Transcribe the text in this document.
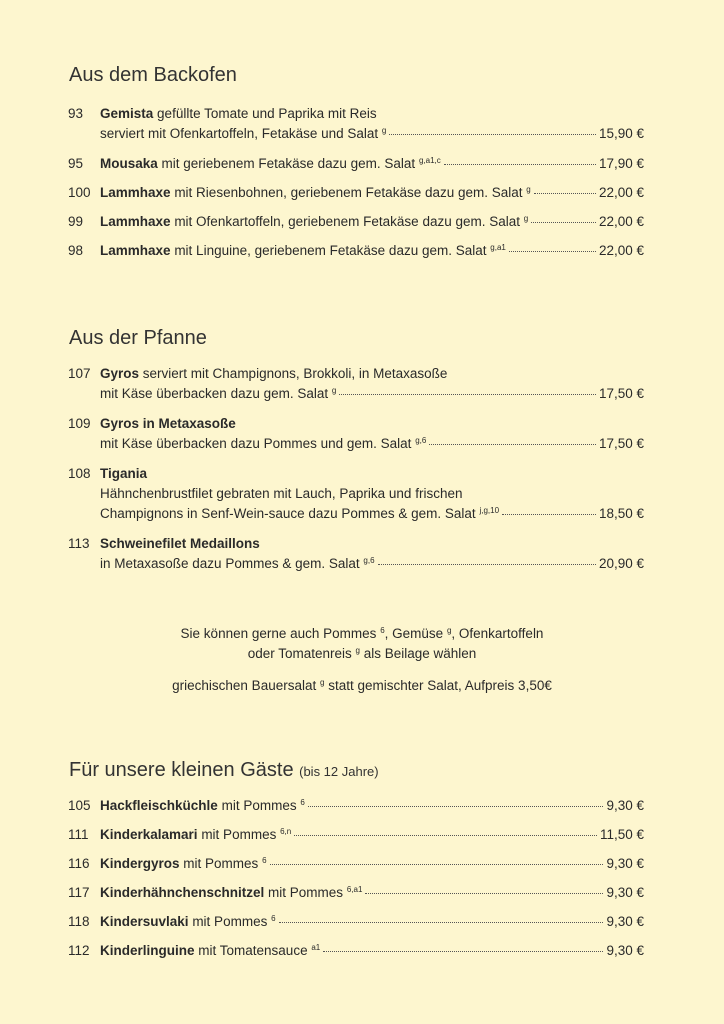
Aus dem Backofen
93	Gemista gefüllte Tomate und Paprika mit Reis
serviert mit Ofenkartoffeln, Fetakäse und Salat $^g$	15,90 €
95	Mousaka mit geriebenem Fetakäse dazu gem. Salat $^{g,a1,c}$	17,90 €
100 Lammhaxe mit Riesenbohnen, geriebenem Fetakäse dazu gem. Salat $^g$	22,00 €
99	Lammhaxe mit Ofenkartoffeln, geriebenem Fetakäse dazu gem. Salat $^g$	22,00 €
98	Lammhaxe mit Linguine, geriebenem Fetakäse dazu gem. Salat $^{g,a1}$	22,00 €
Aus der Pfanne
107 Gyros serviert mit Champignons, Brokkoli, in Metaxasoße
mit Käse überbacken dazu gem. Salat $^g$	17,50 €
109 Gyros in Metaxasoße
mit Käse überbacken dazu Pommes und gem. Salat $^{g,6}$	17,50 €
108 Tigania
Hähnchenbrustfilet gebraten mit Lauch, Paprika und frischen
Champignons in Senf-Wein-sauce dazu Pommes & gem. Salat $^{j,g,10}$	18,50 €
113 Schweinefilet Medaillons
in Metaxasoße dazu Pommes & gem. Salat $^{g,6}$	20,90 €
Sie können gerne auch Pommes $^6$, Gemüse $^g$, Ofenkartoffeln
oder Tomatenreis $^g$ als Beilage wählen
griechischen Bauersalat $^g$ statt gemischter Salat, Aufpreis 3,50€
Für unsere kleinen Gäste (bis 12 Jahre)
105 Hackfleischküchle mit Pommes $^6$	9,30 €
111 Kinderkalamari mit Pommes $^{6,n}$	11,50 €
116 Kindergyros mit Pommes $^6$	9,30 €
117 Kinderhähnchenschnitzel mit Pommes $^{6,a1}$	9,30 €
118 Kindersuvlaki mit Pommes $^6$	9,30 €
112 Kinderlinguine mit Tomatensauce $^{a1}$	9,30 €
